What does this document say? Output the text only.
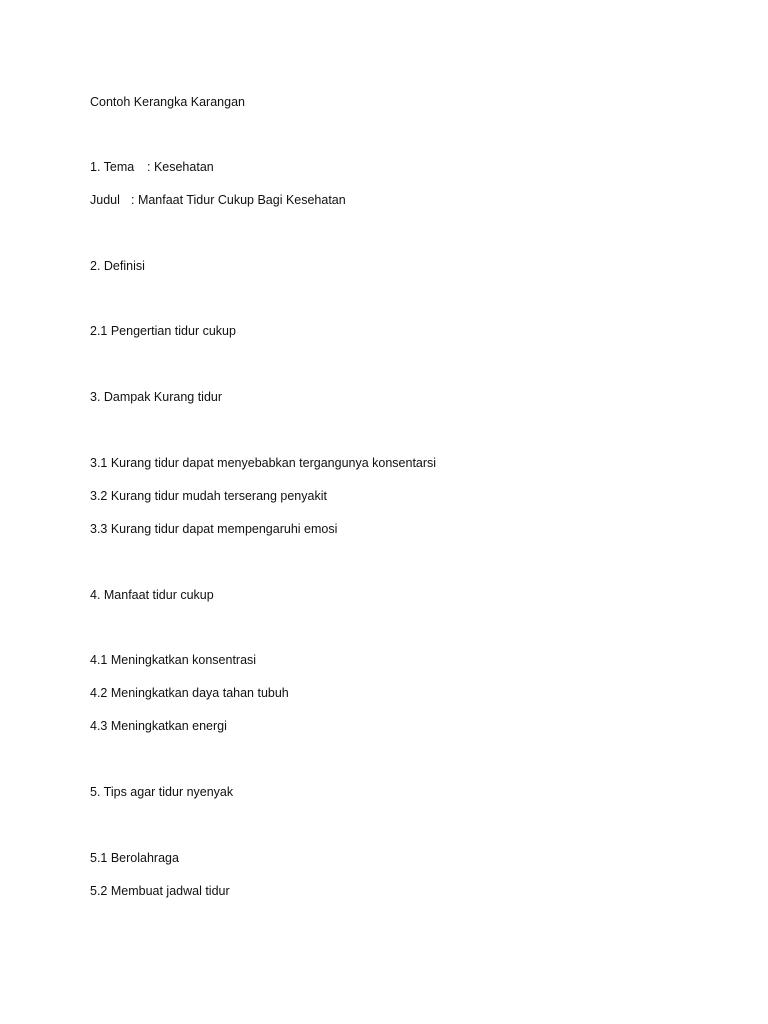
Contoh Kerangka Karangan

1. Tema : Kesehatan

Judul : Manfaat Tidur Cukup Bagi Kesehatan

2. Definisi

2.1 Pengertian tidur cukup

3. Dampak Kurang tidur

3.1 Kurang tidur dapat menyebabkan tergangunya konsentarsi

3.2 Kurang tidur mudah terserang penyakit

3.3 Kurang tidur dapat mempengaruhi emosi

4. Manfaat tidur cukup

4.1 Meningkatkan konsentrasi

4.2 Meningkatkan daya tahan tubuh

4.3 Meningkatkan energi

5. Tips agar tidur nyenyak

5.1 Berolahraga

5.2 Membuat jadwal tidur
